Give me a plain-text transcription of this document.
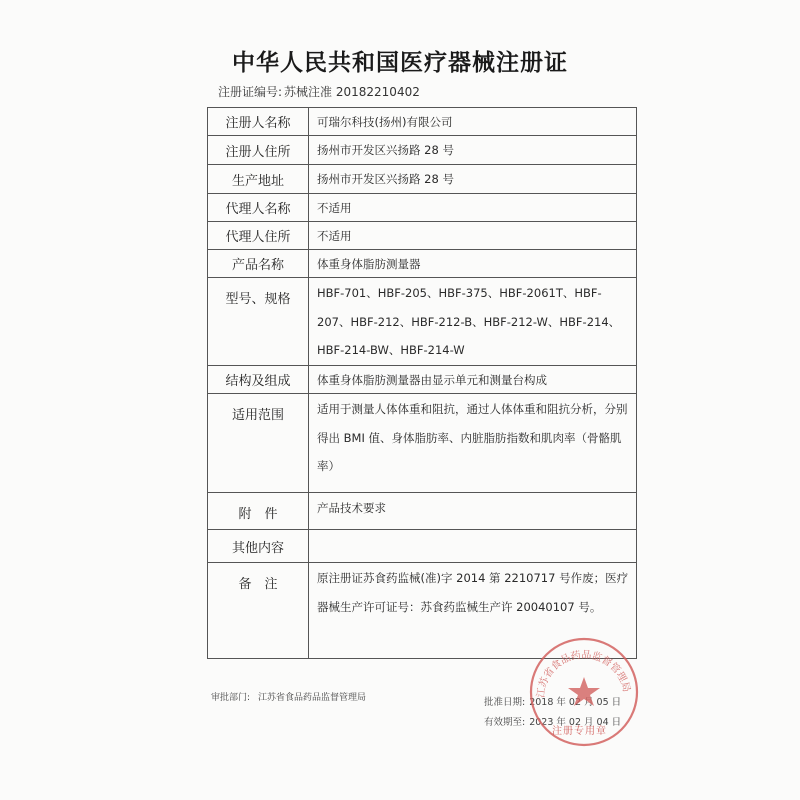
中华人民共和国医疗器械注册证
注册证编号: 苏械注准 20182210402
注册人名称	可瑞尔科技(扬州)有限公司
注册人住所	扬州市开发区兴扬路 28 号
生产地址	扬州市开发区兴扬路 28 号
代理人名称	不适用
代理人住所	不适用
产品名称	体重身体脂肪测量器
型号、规格	HBF-701、HBF-205、HBF-375、HBF-2061T、HBF-207、HBF-212、HBF-212-B、HBF-212-W、HBF-214、HBF-214-BW、HBF-214-W
结构及组成	体重身体脂肪测量器由显示单元和测量台构成
适用范围	适用于测量人体体重和阻抗，通过人体体重和阻抗分析，分别得出 BMI 值、身体脂肪率、内脏脂肪指数和肌肉率（骨骼肌率）
附　件	产品技术要求
其他内容	
备　注	原注册证苏食药监械(准)字 2014 第 2210717 号作废；医疗器械生产许可证号：苏食药监械生产许 20040107 号。
审批部门: 江苏省食品药品监督管理局	批准日期: 2018 年 02 月 05 日
有效期至: 2023 年 02 月 04 日
江苏省食品药品监督管理局
注册专用章
